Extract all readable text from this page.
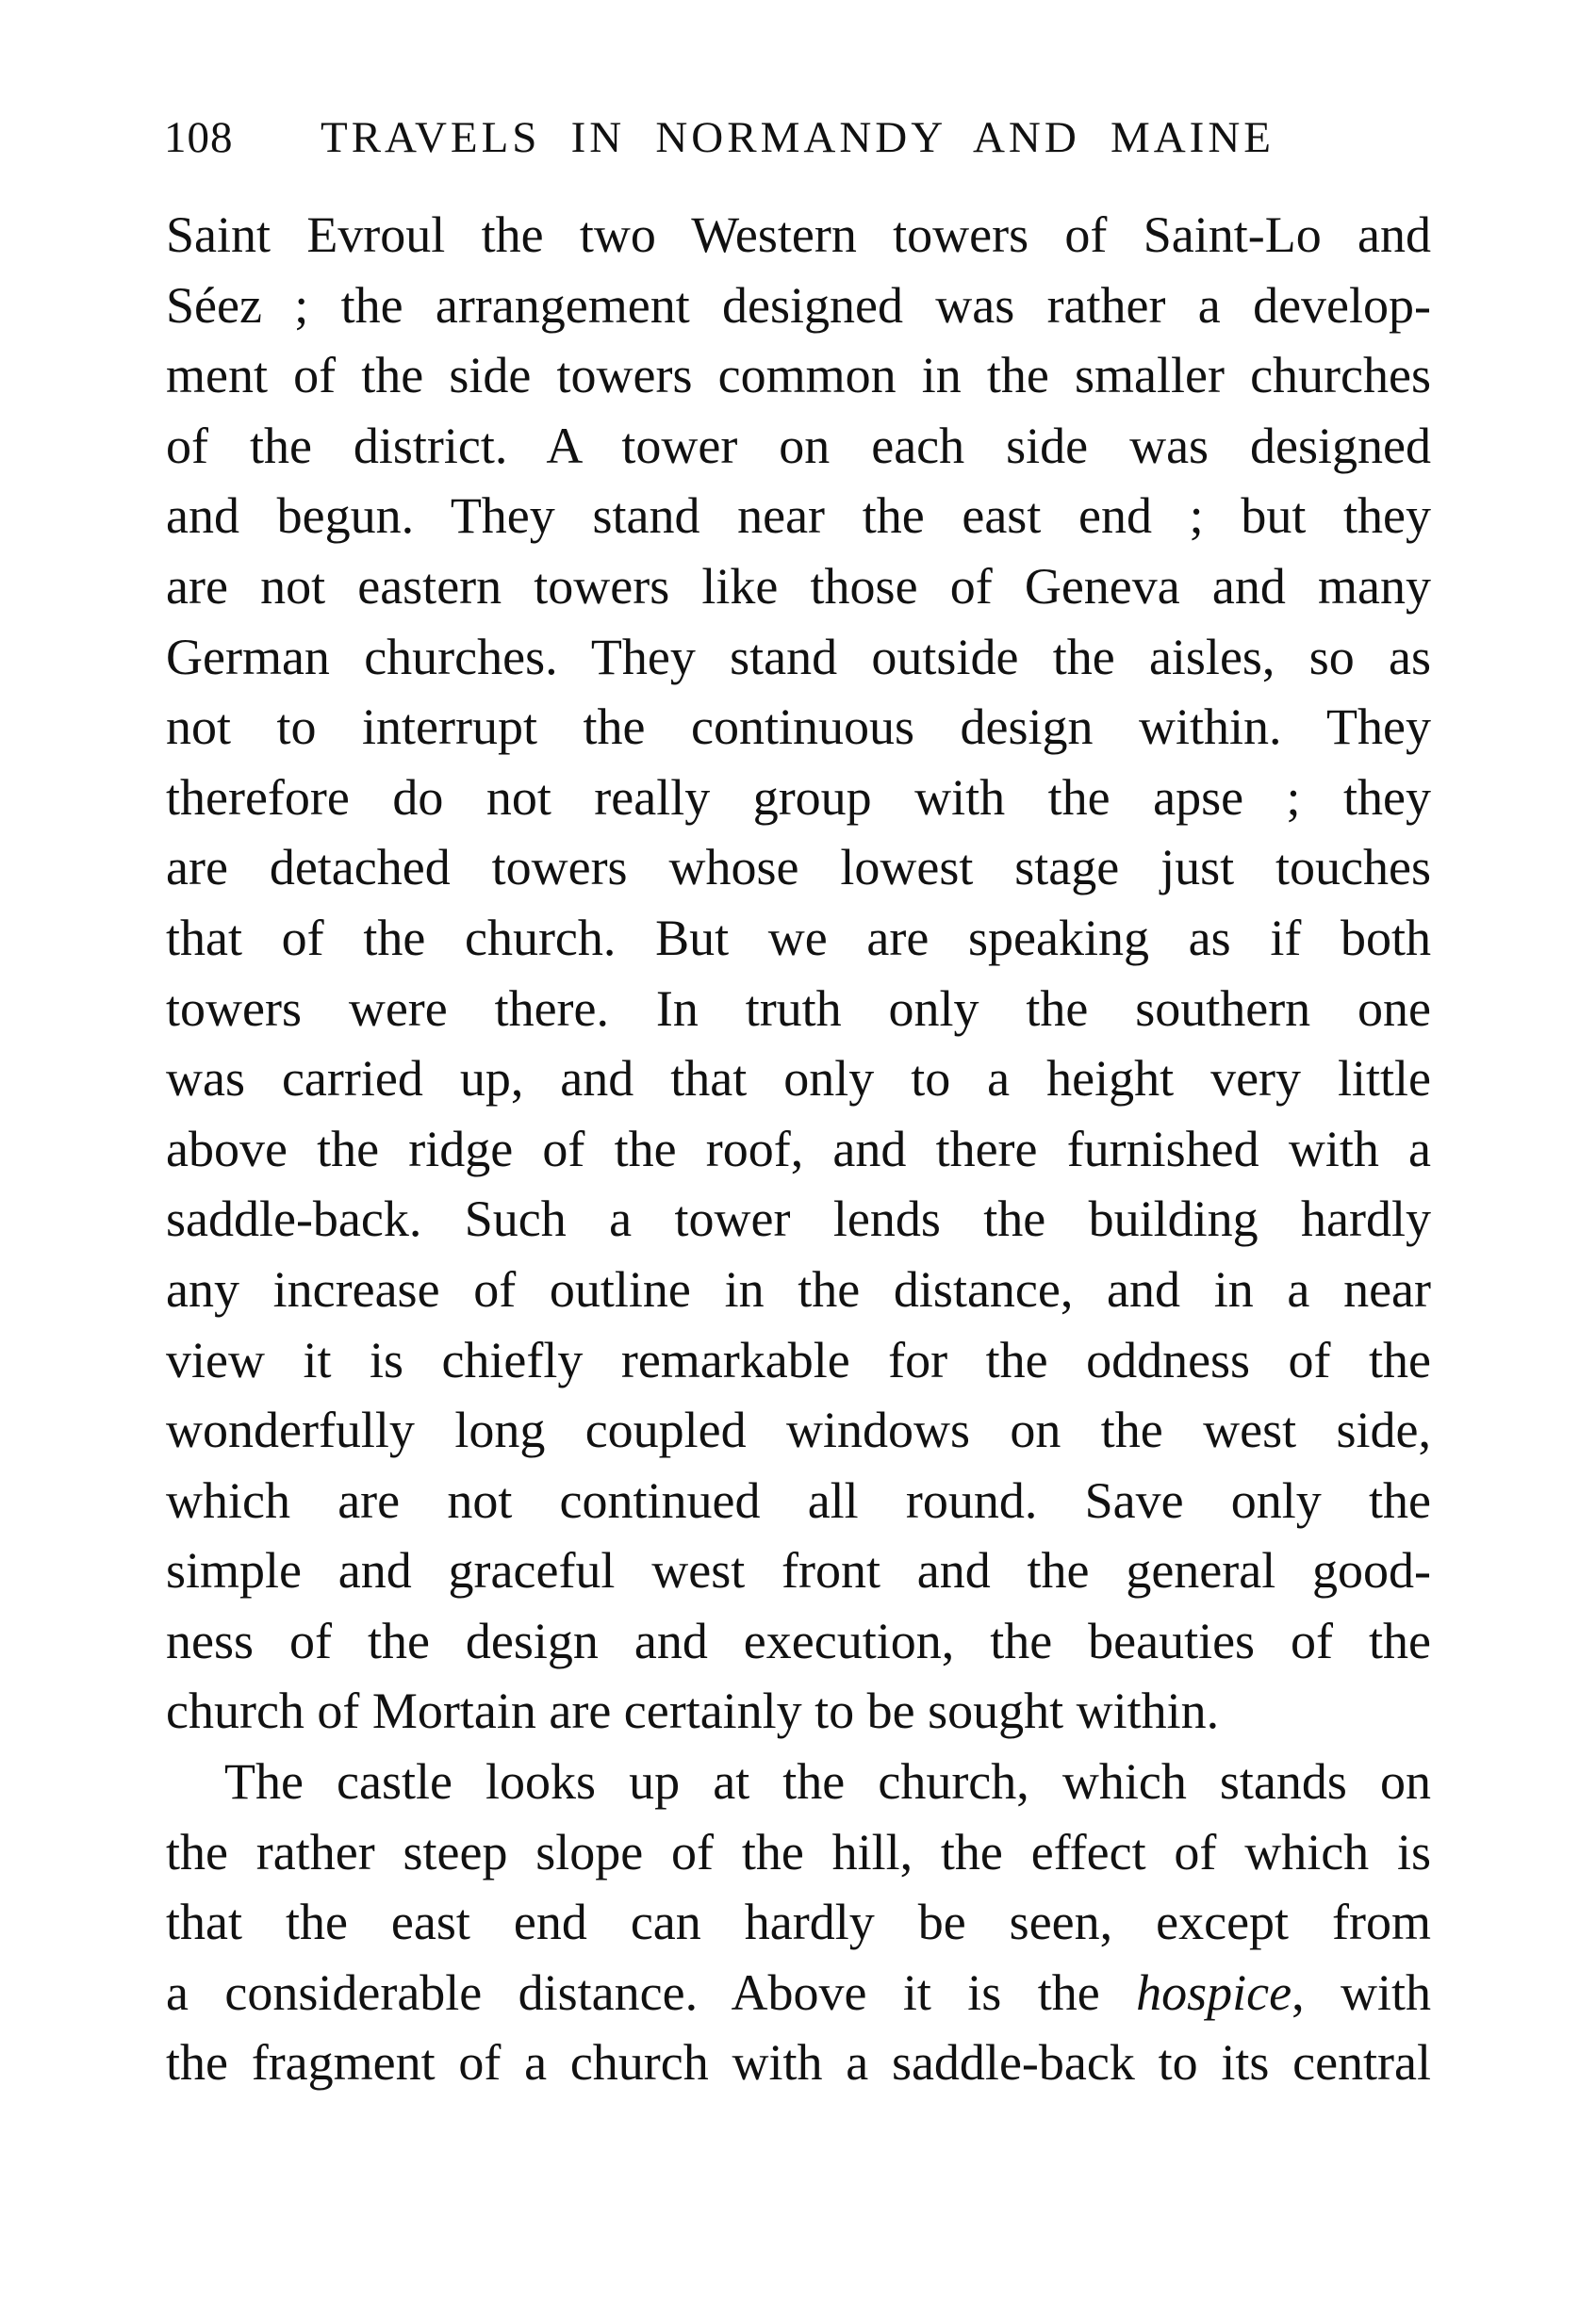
108 TRAVELS IN NORMANDY AND MAINE
Saint Evroul the two Western towers of Saint-Lo and
Séez ; the arrangement designed was rather a develop-
ment of the side towers common in the smaller churches
of the district. A tower on each side was designed
and begun. They stand near the east end ; but they
are not eastern towers like those of Geneva and many
German churches. They stand outside the aisles, so as
not to interrupt the continuous design within. They
therefore do not really group with the apse ; they
are detached towers whose lowest stage just touches
that of the church. But we are speaking as if both
towers were there. In truth only the southern one
was carried up, and that only to a height very little
above the ridge of the roof, and there furnished with a
saddle-back. Such a tower lends the building hardly
any increase of outline in the distance, and in a near
view it is chiefly remarkable for the oddness of the
wonderfully long coupled windows on the west side,
which are not continued all round. Save only the
simple and graceful west front and the general good-
ness of the design and execution, the beauties of the
church of Mortain are certainly to be sought within.
The castle looks up at the church, which stands on
the rather steep slope of the hill, the effect of which is
that the east end can hardly be seen, except from
a considerable distance. Above it is the hospice, with
the fragment of a church with a saddle-back to its central
